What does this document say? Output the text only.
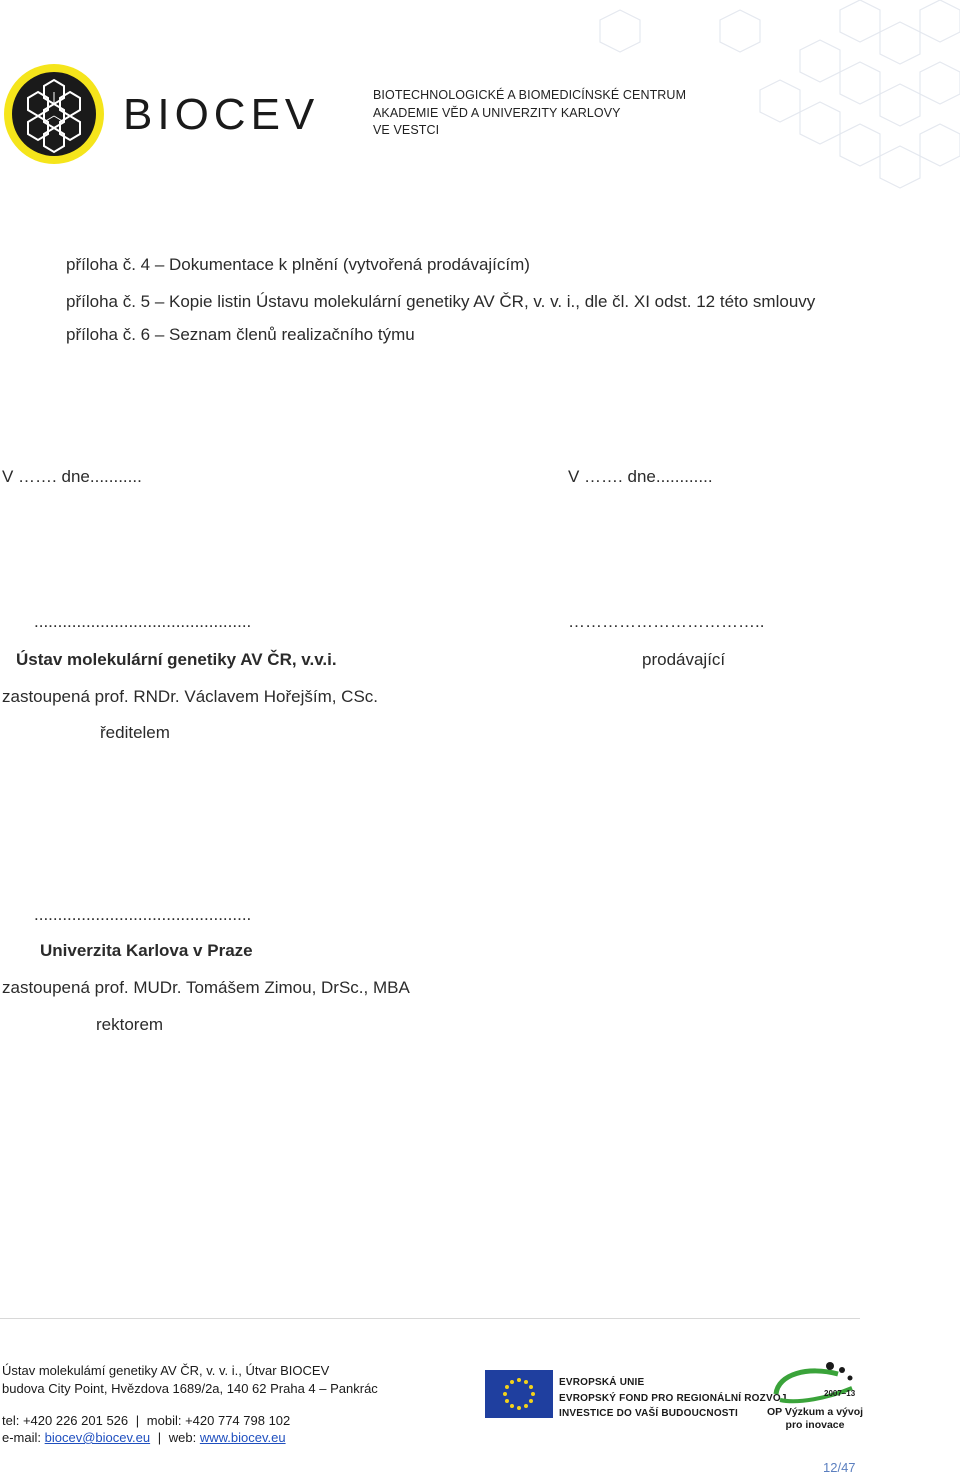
BIOCEV	BIOTECHNOLOGICKÉ A BIOMEDICÍNSKÉ CENTRUM
AKADEMIE VĚD A UNIVERZITY KARLOVY
VE VESTCI
příloha č. 4 – Dokumentace k plnění (vytvořená prodávajícím)
příloha č. 5 – Kopie listin Ústavu molekulární genetiky AV ČR, v. v. i., dle čl. XI odst. 12 této smlouvy
příloha č. 6 – Seznam členů realizačního týmu
V ……. dne...........	V ……. dne............
..............................................	……………………………..
Ústav molekulární genetiky AV ČR, v.v.i.	prodávající
zastoupená prof. RNDr. Václavem Hořejším, CSc.
ředitelem
..............................................
Univerzita Karlova v Praze
zastoupená prof. MUDr. Tomášem Zimou, DrSc., MBA
rektorem
Ústav molekulámí genetiky AV ČR, v. v. i., Útvar BIOCEV
budova City Point, Hvězdova 1689/2a, 140 62 Praha 4 – Pankrác
tel: +420 226 201 526 | mobil: +420 774 798 102
e-mail: biocev@biocev.eu | web: www.biocev.eu
EVROPSKÁ UNIE
EVROPSKÝ FOND PRO REGIONÁLNÍ ROZVOJ
INVESTICE DO VAŠÍ BUDOUCNOSTI
2007–13
OP Výzkum a vývoj
pro inovace
12/47
